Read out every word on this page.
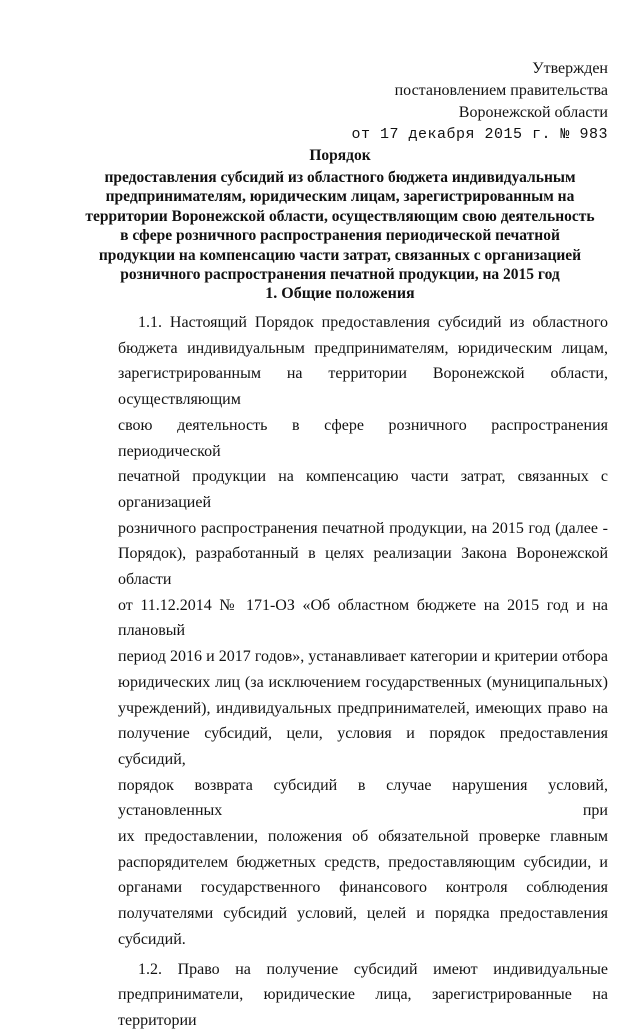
Утвержден
постановлением правительства
Воронежской области
от 17 декабря 2015 г. № 983
Порядок
предоставления субсидий из областного бюджета индивидуальным
предпринимателям, юридическим лицам, зарегистрированным на
территории Воронежской области, осуществляющим свою деятельность
в сфере розничного распространения периодической печатной
продукции на компенсацию части затрат, связанных с организацией
розничного распространения печатной продукции, на 2015 год
1. Общие положения
1.1. Настоящий Порядок предоставления субсидий из областного
бюджета индивидуальным предпринимателям, юридическим лицам,
зарегистрированным на территории Воронежской области, осуществляющим
свою деятельность в сфере розничного распространения периодической
печатной продукции на компенсацию части затрат, связанных с организацией
розничного распространения печатной продукции, на 2015 год (далее -
Порядок), разработанный в целях реализации Закона Воронежской области
от 11.12.2014 № 171-ОЗ «Об областном бюджете на 2015 год и на плановый
период 2016 и 2017 годов», устанавливает категории и критерии отбора
юридических лиц (за исключением государственных (муниципальных)
учреждений), индивидуальных предпринимателей, имеющих право на
получение субсидий, цели, условия и порядок предоставления субсидий,
порядок возврата субсидий в случае нарушения условий, установленных при
их предоставлении, положения об обязательной проверке главным
распорядителем бюджетных средств, предоставляющим субсидии, и
органами государственного финансового контроля соблюдения
получателями субсидий условий, целей и порядка предоставления субсидий.
1.2. Право на получение субсидий имеют индивидуальные
предприниматели, юридические лица, зарегистрированные на территории
